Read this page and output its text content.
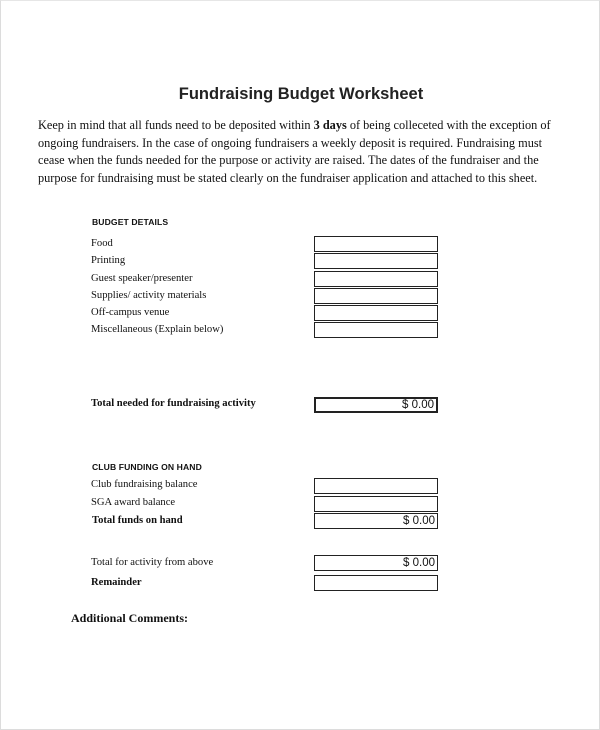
Fundraising Budget Worksheet
Keep in mind that all funds need to be deposited within 3 days of being colleceted with the exception of ongoing fundraisers. In the case of ongoing fundraisers a weekly deposit is required. Fundraising must cease when the funds needed for the purpose or activity are raised. The dates of the fundraiser and the purpose for fundraising must be stated clearly on the fundraiser application and attached to this sheet.
BUDGET DETAILS
Food
Printing
Guest speaker/presenter
Supplies/ activity materials
Off-campus venue
Miscellaneous (Explain below)
Total needed for fundraising activity	$ 0.00
CLUB FUNDING ON HAND
Club fundraising balance
SGA award balance
Total funds on hand	$ 0.00
Total for activity from above	$ 0.00
Remainder
Additional Comments:
